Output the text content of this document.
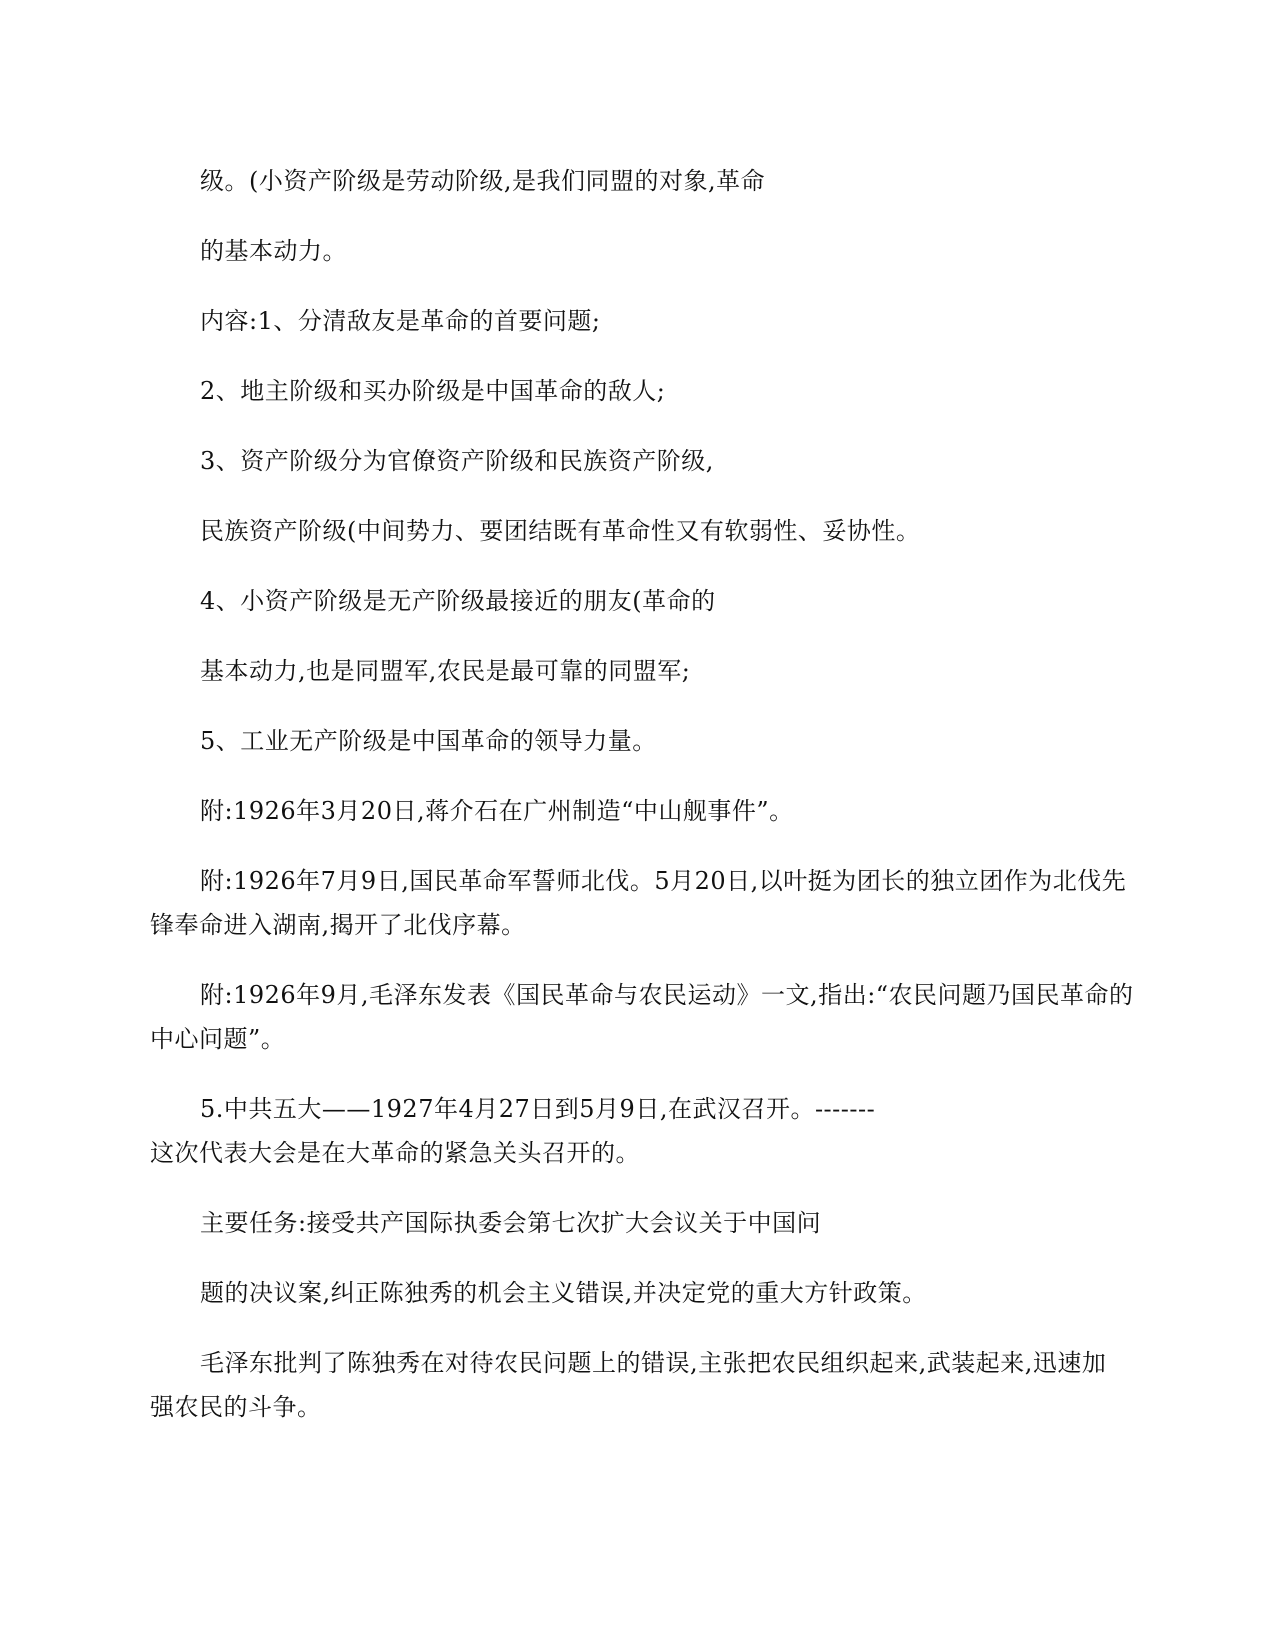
级。(小资产阶级是劳动阶级,是我们同盟的对象,革命
的基本动力。
内容:1、分清敌友是革命的首要问题;
2、地主阶级和买办阶级是中国革命的敌人;
3、资产阶级分为官僚资产阶级和民族资产阶级,
民族资产阶级(中间势力、要团结既有革命性又有软弱性、妥协性。
4、小资产阶级是无产阶级最接近的朋友(革命的
基本动力,也是同盟军,农民是最可靠的同盟军;
5、工业无产阶级是中国革命的领导力量。
附:1926年3月20日,蒋介石在广州制造“中山舰事件”。
附:1926年7月9日,国民革命军誓师北伐。5月20日,以叶挺为团长的独立团作为北伐先
锋奉命进入湖南,揭开了北伐序幕。
附:1926年9月,毛泽东发表《国民革命与农民运动》一文,指出:“农民问题乃国民革命的
中心问题”。
5.中共五大——1927年4月27日到5月9日,在武汉召开。-------
这次代表大会是在大革命的紧急关头召开的。
主要任务:接受共产国际执委会第七次扩大会议关于中国问
题的决议案,纠正陈独秀的机会主义错误,并决定党的重大方针政策。
毛泽东批判了陈独秀在对待农民问题上的错误,主张把农民组织起来,武装起来,迅速加
强农民的斗争。
